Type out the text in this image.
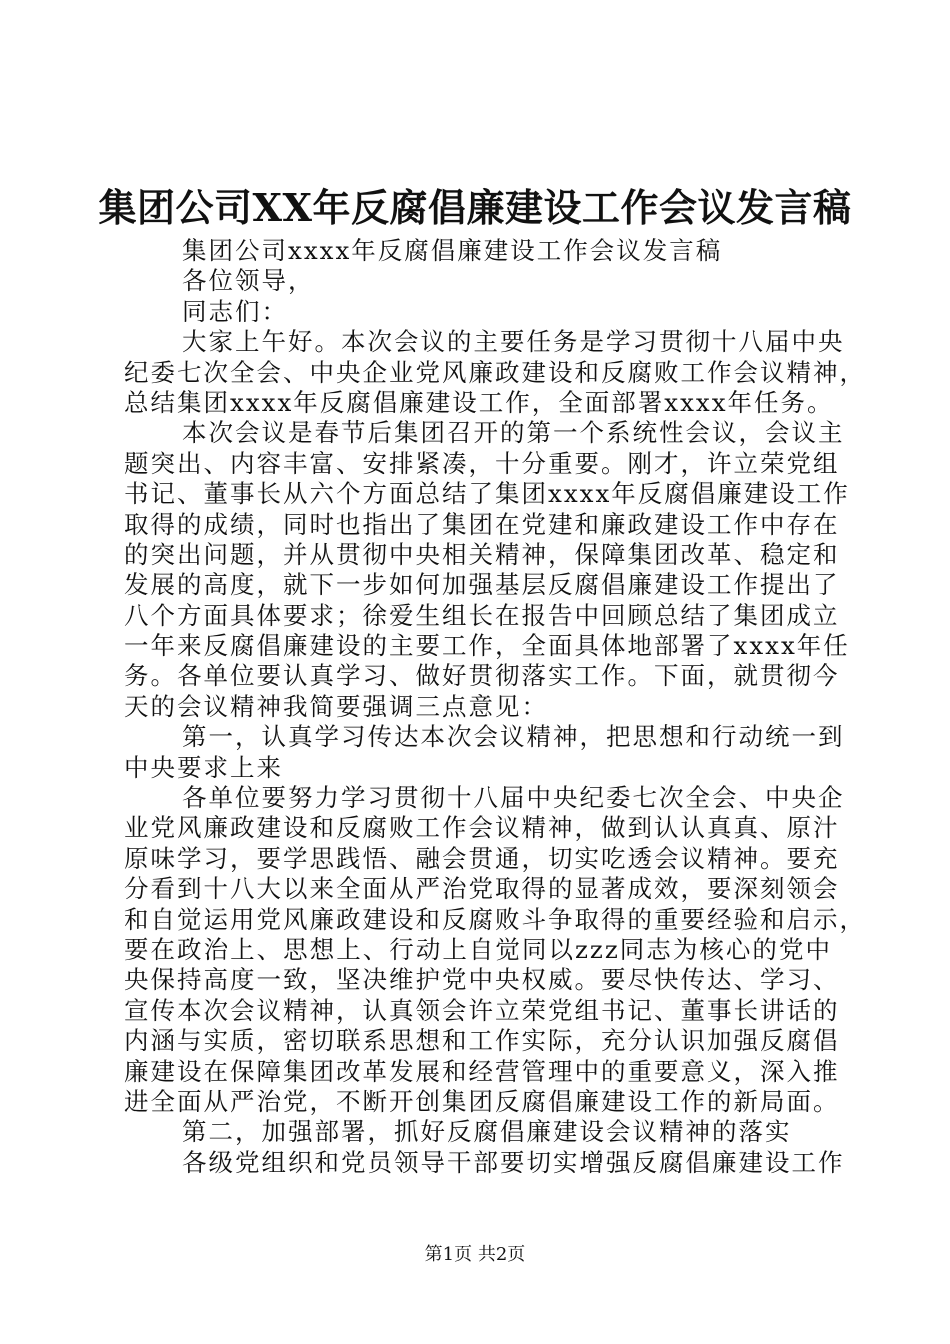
集团公司XX年反腐倡廉建设工作会议发言稿
集团公司xxxx年反腐倡廉建设工作会议发言稿
各位领导，
同志们：
大家上午好。本次会议的主要任务是学习贯彻十八届中央
纪委七次全会、中央企业党风廉政建设和反腐败工作会议精神，
总结集团xxxx年反腐倡廉建设工作，全面部署xxxx年任务。
本次会议是春节后集团召开的第一个系统性会议，会议主
题突出、内容丰富、安排紧凑，十分重要。刚才，许立荣党组
书记、董事长从六个方面总结了集团xxxx年反腐倡廉建设工作
取得的成绩，同时也指出了集团在党建和廉政建设工作中存在
的突出问题，并从贯彻中央相关精神，保障集团改革、稳定和
发展的高度，就下一步如何加强基层反腐倡廉建设工作提出了
八个方面具体要求；徐爱生组长在报告中回顾总结了集团成立
一年来反腐倡廉建设的主要工作，全面具体地部署了xxxx年任
务。各单位要认真学习、做好贯彻落实工作。下面，就贯彻今
天的会议精神我简要强调三点意见：
第一，认真学习传达本次会议精神，把思想和行动统一到
中央要求上来
各单位要努力学习贯彻十八届中央纪委七次全会、中央企
业党风廉政建设和反腐败工作会议精神，做到认认真真、原汁
原味学习，要学思践悟、融会贯通，切实吃透会议精神。要充
分看到十八大以来全面从严治党取得的显著成效，要深刻领会
和自觉运用党风廉政建设和反腐败斗争取得的重要经验和启示，
要在政治上、思想上、行动上自觉同以zzz同志为核心的党中
央保持高度一致，坚决维护党中央权威。要尽快传达、学习、
宣传本次会议精神，认真领会许立荣党组书记、董事长讲话的
内涵与实质，密切联系思想和工作实际，充分认识加强反腐倡
廉建设在保障集团改革发展和经营管理中的重要意义，深入推
进全面从严治党，不断开创集团反腐倡廉建设工作的新局面。
第二，加强部署，抓好反腐倡廉建设会议精神的落实
各级党组织和党员领导干部要切实增强反腐倡廉建设工作
第1页 共2页
